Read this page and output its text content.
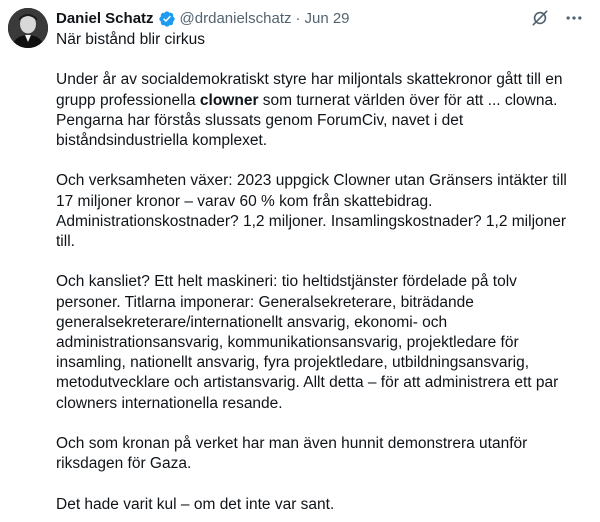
Daniel Schatz @drdanielschatz · Jun 29

När bistånd blir cirkus

Under år av socialdemokratiskt styre har miljontals skattekronor gått till en grupp professionella clowner som turnerat världen över för att ... clowna. Pengarna har förstås slussats genom ForumCiv, navet i det biståndsindustriella komplexet.

Och verksamheten växer: 2023 uppgick Clowner utan Gränsers intäkter till 17 miljoner kronor – varav 60 % kom från skattebidrag. Administrationskostnader? 1,2 miljoner. Insamlingskostnader? 1,2 miljoner till.

Och kansliet? Ett helt maskineri: tio heltidstjänster fördelade på tolv personer. Titlarna imponerar: Generalsekreterare, biträdande generalsekreterare/internationellt ansvarig, ekonomi- och administrationsansvarig, kommunikationsansvarig, projektledare för insamling, nationellt ansvarig, fyra projektledare, utbildningsansvarig, metodutvecklare och artistansvarig. Allt detta – för att administrera ett par clowners internationella resande.

Och som kronan på verket har man även hunnit demonstrera utanför riksdagen för Gaza.

Det hade varit kul – om det inte var sant.
